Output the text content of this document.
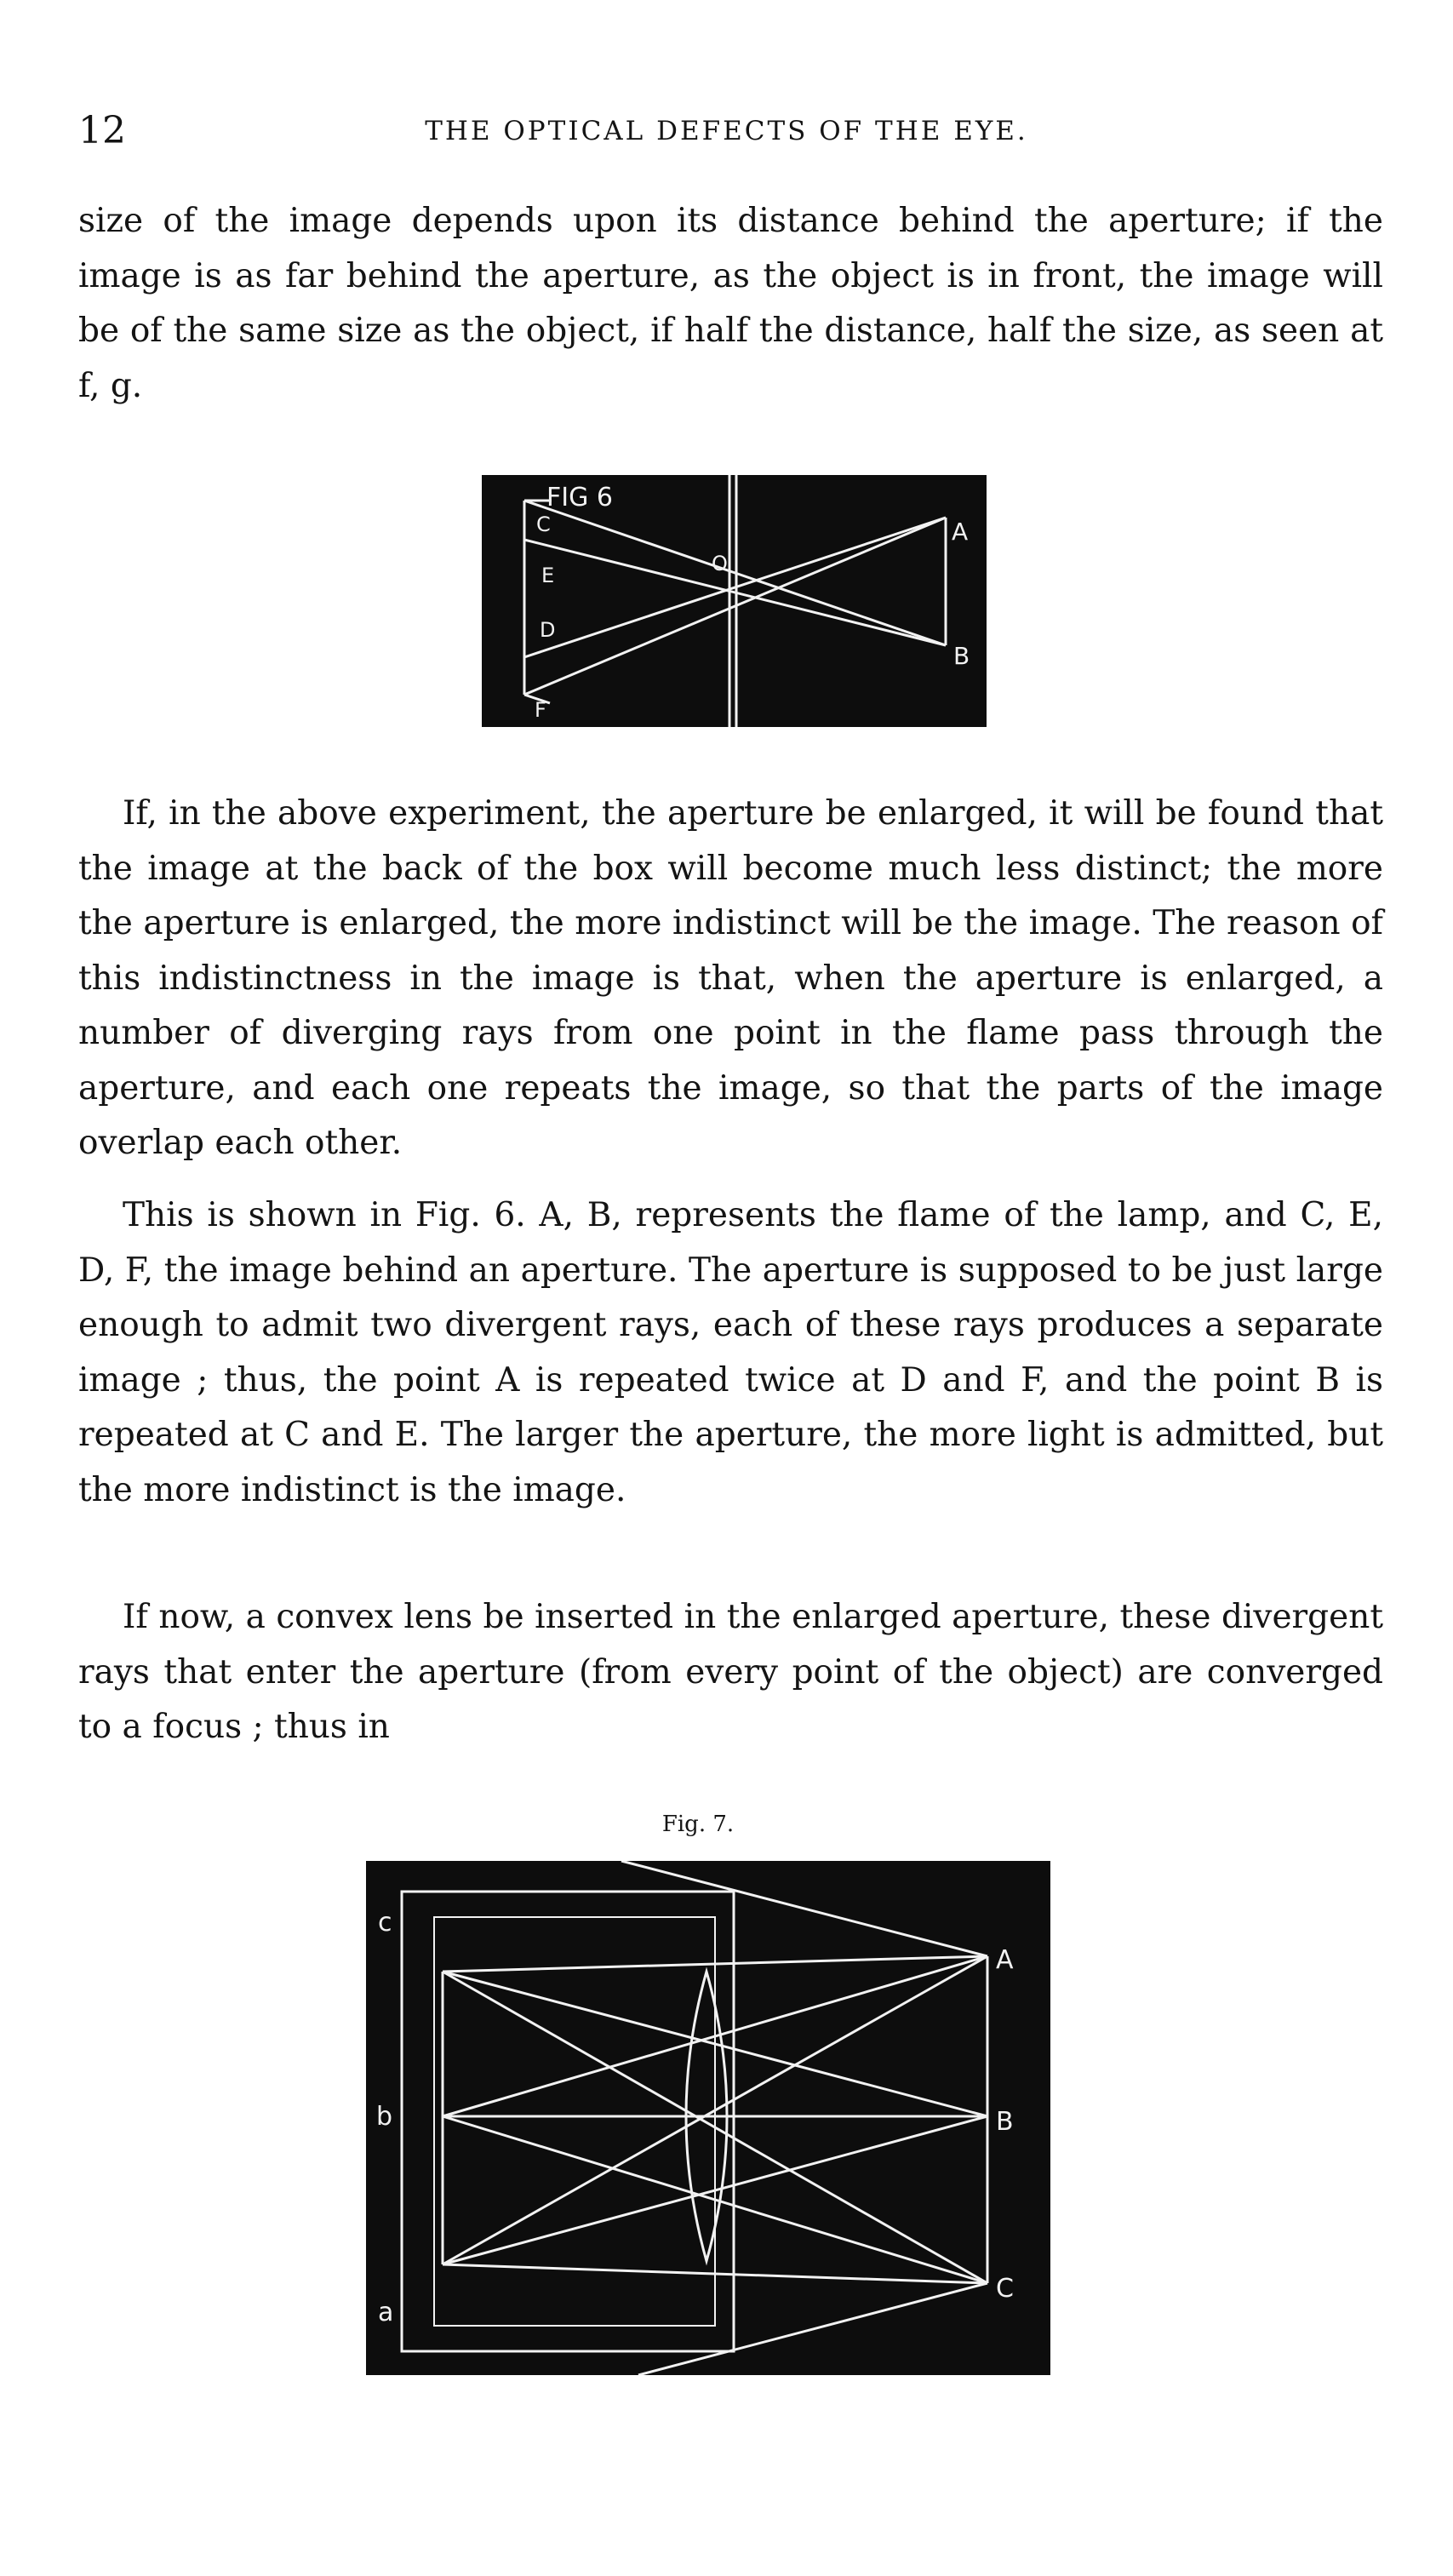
12	THE OPTICAL DEFECTS OF THE EYE.

size of the image depends upon its distance behind the aperture; if the image is as far behind the aperture, as the object is in front, the image will be of the same size as the object, if half the distance, half the size, as seen at f, g.

FIG 6
C
E
D
F
O
A
B

If, in the above experiment, the aperture be enlarged, it will be found that the image at the back of the box will become much less distinct; the more the aperture is enlarged, the more indistinct will be the image. The reason of this indistinctness in the image is that, when the aperture is enlarged, a number of diverging rays from one point in the flame pass through the aperture, and each one repeats the image, so that the parts of the image overlap each other.

This is shown in Fig. 6. A, B, represents the flame of the lamp, and C, E, D, F, the image behind an aperture. The aperture is supposed to be just large enough to admit two divergent rays, each of these rays produces a separate image ; thus, the point A is repeated twice at D and F, and the point B is repeated at C and E. The larger the aperture, the more light is admitted, but the more indistinct is the image.

If now, a convex lens be inserted in the enlarged aperture, these divergent rays that enter the aperture (from every point of the object) are converged to a focus ; thus in

Fig. 7.
c
b
a
A
B
C
